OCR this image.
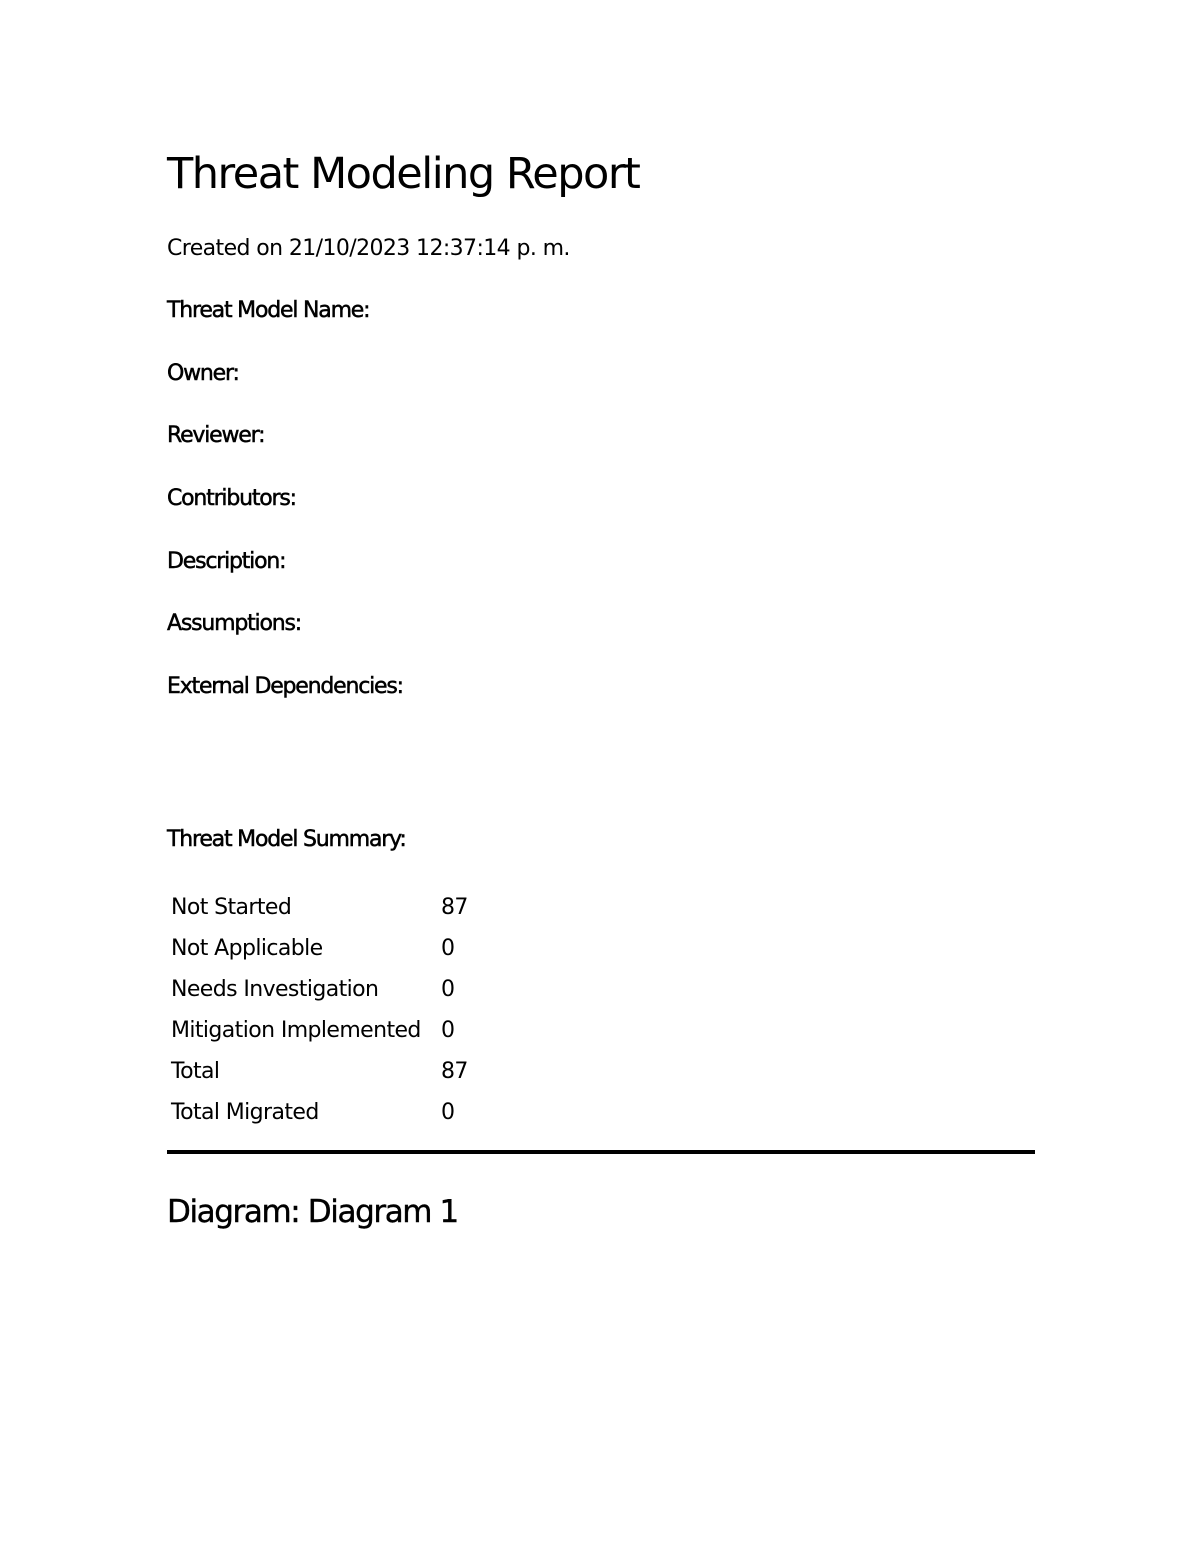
Threat Modeling Report
Created on 21/10/2023 12:37:14 p. m.
Threat Model Name:
Owner:
Reviewer:
Contributors:
Description:
Assumptions:
External Dependencies:
Threat Model Summary:
Not Started	87
Not Applicable	0
Needs Investigation	0
Mitigation Implemented	0
Total	87
Total Migrated	0
Diagram: Diagram 1
